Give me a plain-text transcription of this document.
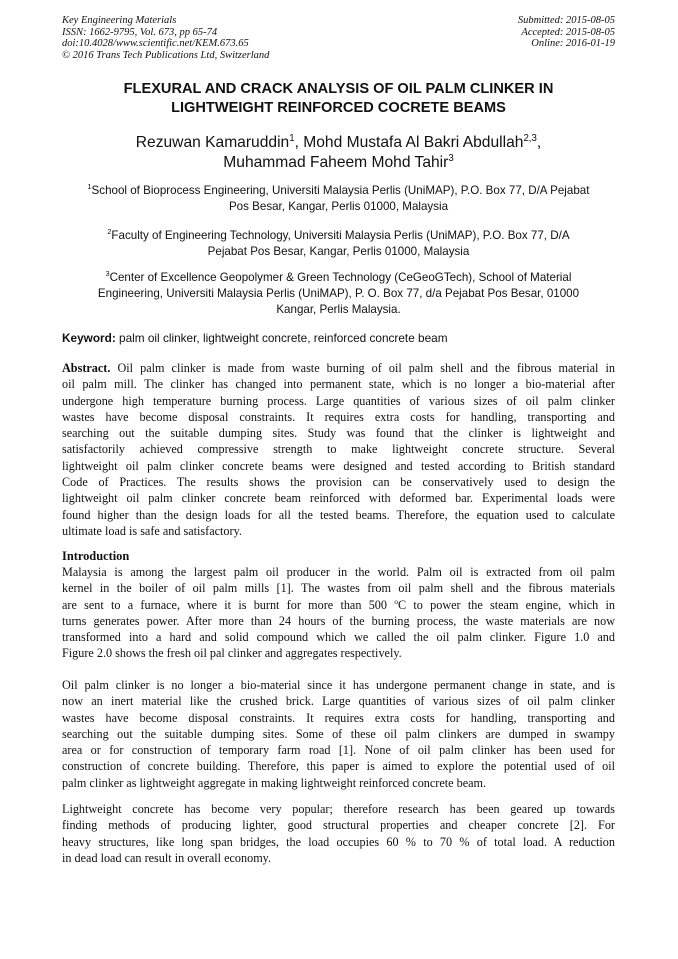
Key Engineering Materials
ISSN: 1662-9795, Vol. 673, pp 65-74
doi:10.4028/www.scientific.net/KEM.673.65
© 2016 Trans Tech Publications Ltd, Switzerland
Submitted: 2015-08-05
Accepted: 2015-08-05
Online: 2016-01-19
FLEXURAL AND CRACK ANALYSIS OF OIL PALM CLINKER IN
LIGHTWEIGHT REINFORCED COCRETE BEAMS
Rezuwan Kamaruddin$^1$, Mohd Mustafa Al Bakri Abdullah$^{2,3}$,
Muhammad Faheem Mohd Tahir$^3$
$^1$School of Bioprocess Engineering, Universiti Malaysia Perlis (UniMAP), P.O. Box 77, D/A Pejabat
Pos Besar, Kangar, Perlis 01000, Malaysia
$^2$Faculty of Engineering Technology, Universiti Malaysia Perlis (UniMAP), P.O. Box 77, D/A
Pejabat Pos Besar, Kangar, Perlis 01000, Malaysia
$^3$Center of Excellence Geopolymer & Green Technology (CeGeoGTech), School of Material
Engineering, Universiti Malaysia Perlis (UniMAP), P. O. Box 77, d/a Pejabat Pos Besar, 01000
Kangar, Perlis Malaysia.
Keyword: palm oil clinker, lightweight concrete, reinforced concrete beam
Abstract. Oil palm clinker is made from waste burning of oil palm shell and the fibrous material in
oil palm mill. The clinker has changed into permanent state, which is no longer a bio-material after
undergone high temperature burning process. Large quantities of various sizes of oil palm clinker
wastes have become disposal constraints. It requires extra costs for handling, transporting and
searching out the suitable dumping sites. Study was found that the clinker is lightweight and
satisfactorily achieved compressive strength to make lightweight concrete structure. Several
lightweight oil palm clinker concrete beams were designed and tested according to British standard
Code of Practices. The results shows the provision can be conservatively used to design the
lightweight oil palm clinker concrete beam reinforced with deformed bar. Experimental loads were
found higher than the design loads for all the tested beams. Therefore, the equation used to calculate
ultimate load is safe and satisfactory.
Introduction
Malaysia is among the largest palm oil producer in the world. Palm oil is extracted from oil palm
kernel in the boiler of oil palm mills [1]. The wastes from oil palm shell and the fibrous materials
are sent to a furnace, where it is burnt for more than 500 $^o$C to power the steam engine, which in
turns generates power. After more than 24 hours of the burning process, the waste materials are now
transformed into a hard and solid compound which we called the oil palm clinker. Figure 1.0 and
Figure 2.0 shows the fresh oil pal clinker and aggregates respectively.
Oil palm clinker is no longer a bio-material since it has undergone permanent change in state, and is
now an inert material like the crushed brick. Large quantities of various sizes of oil palm clinker
wastes have become disposal constraints. It requires extra costs for handling, transporting and
searching out the suitable dumping sites. Some of these oil palm clinkers are dumped in swampy
area or for construction of temporary farm road [1]. None of oil palm clinker has been used for
construction of concrete building. Therefore, this paper is aimed to explore the potential used of oil
palm clinker as lightweight aggregate in making lightweight reinforced concrete beam.
Lightweight concrete has become very popular; therefore research has been geared up towards
finding methods of producing lighter, good structural properties and cheaper concrete [2]. For
heavy structures, like long span bridges, the load occupies 60 % to 70 % of total load. A reduction
in dead load can result in overall economy.
